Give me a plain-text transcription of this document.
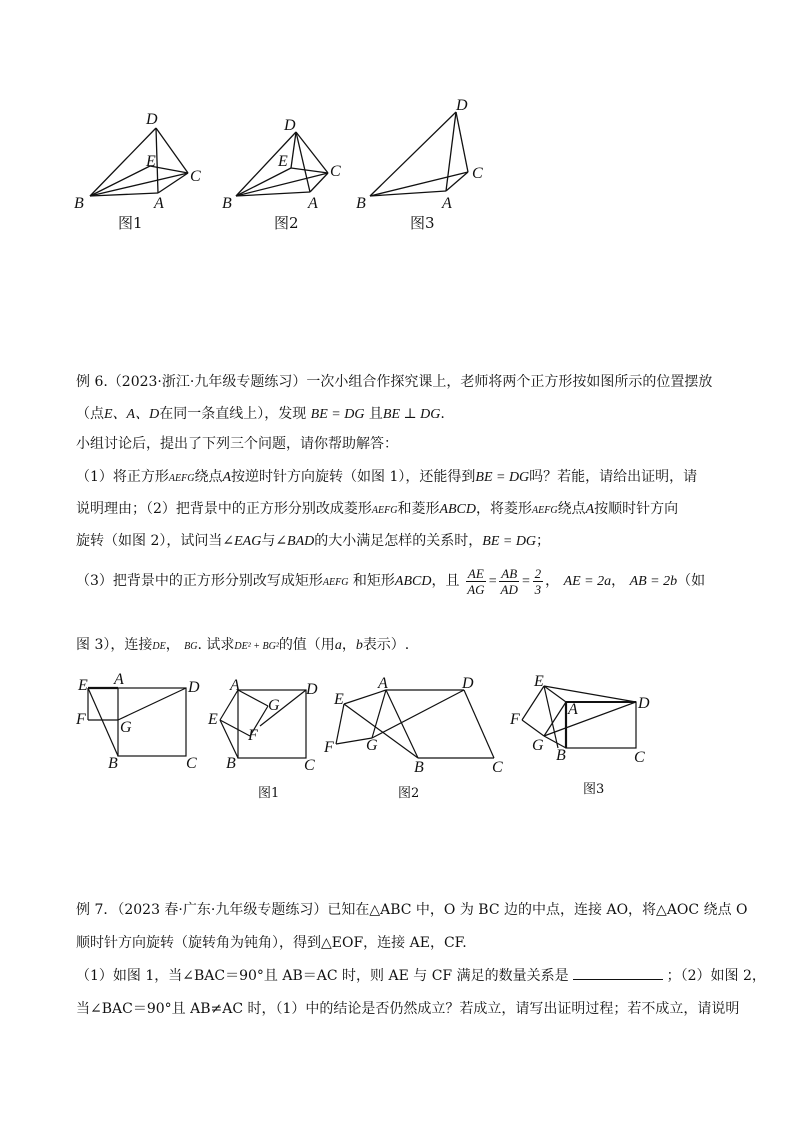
B	A
C
D
E
图1
B	A
C
D
E
图2
B	A
C
D
图3
例 6.（2023·浙江·九年级专题练习）一次小组合作探究课上，老师将两个正方形按如图所示的位置摆放
（点E、A、D在同一条直线上），发现 BE = DG 且BE ⊥ DG.
小组讨论后，提出了下列三个问题，请你帮助解答：
（1）将正方形AEFG绕点A按逆时针方向旋转（如图 1），还能得到BE = DG吗？若能，请给出证明，请
说明理由；（2）把背景中的正方形分别改成菱形AEFG和菱形ABCD，将菱形AEFG绕点A按顺时针方向
旋转（如图 2），试问当∠EAG与∠BAD的大小满足怎样的关系时，BE = DG；
（3）把背景中的正方形分别改写成矩形AEFG 和矩形ABCD，且 $\frac{AE}{AG} = \frac{AB}{AD} = \frac{2}{3}$ ， AE = 2a， AB = 2b（如
图 3），连接DE， BG. 试求DE² + BG²的值（用a，b表示）.
E A	D
F G
B	C
A	D
E
F
G
B	C
A	D
E
F G
B	C
E
A	D
F
G
B	C
图1	图2	图3
例 7．（2023 春·广东·九年级专题练习）已知在△ABC 中，O 为 BC 边的中点，连接 AO，将△AOC 绕点 O
顺时针方向旋转（旋转角为钝角），得到△EOF，连接 AE，CF.
（1）如图 1，当∠BAC＝90°且 AB＝AC 时，则 AE 与 CF 满足的数量关系是	；（2）如图 2，
当∠BAC＝90°且 AB≠AC 时，（1）中的结论是否仍然成立？若成立，请写出证明过程；若不成立，请说明
